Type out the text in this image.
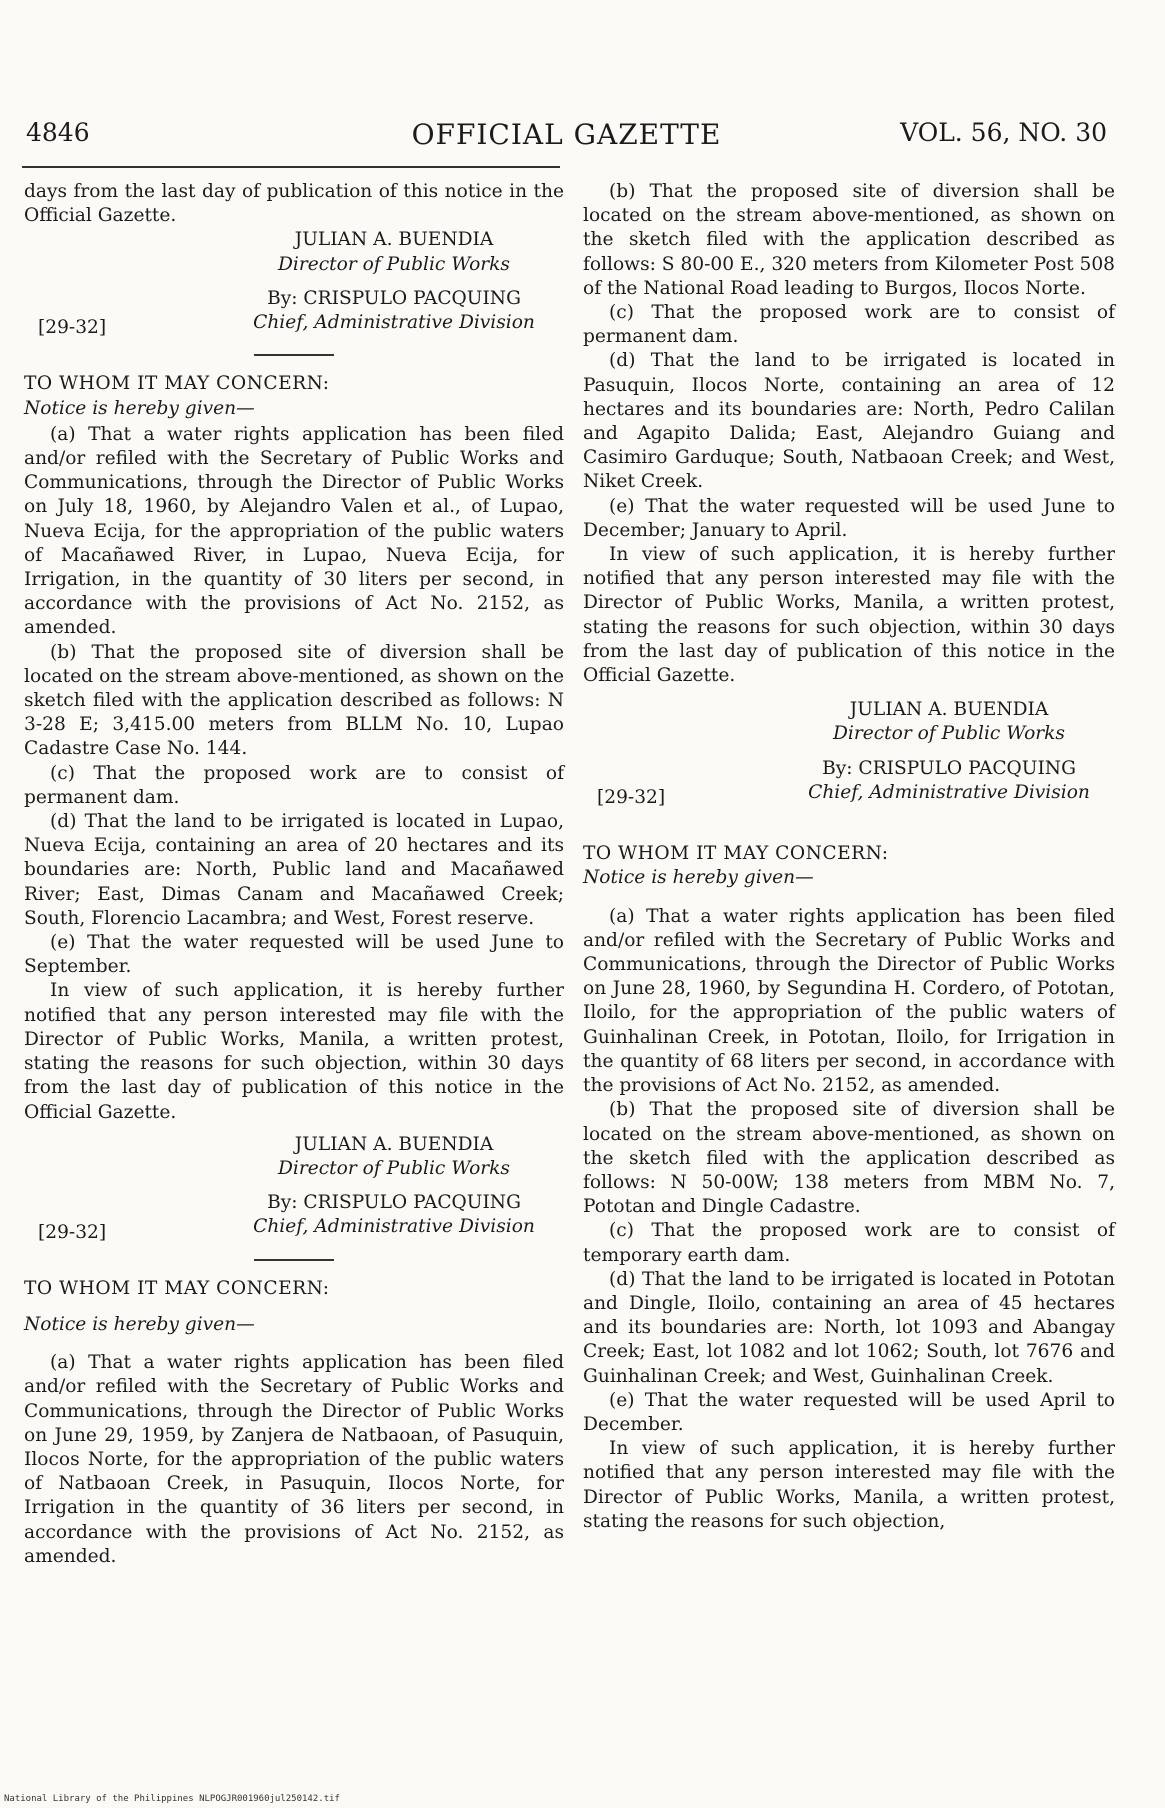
4846	OFFICIAL GAZETTE	VOL. 56, NO. 30

days from the last day of publication of this notice in the Official Gazette.

JULIAN A. BUENDIA
Director of Public Works
By: CRISPULO PACQUING
Chief, Administrative Division
[29-32]
TO WHOM IT MAY CONCERN:
Notice is hereby given—

(a) That a water rights application has been filed and/or refiled with the Secretary of Public Works and Communications, through the Director of Public Works on July 18, 1960, by Alejandro Valen et al., of Lupao, Nueva Ecija, for the appropriation of the public waters of Macañawed River, in Lupao, Nueva Ecija, for Irrigation, in the quantity of 30 liters per second, in accordance with the provisions of Act No. 2152, as amended.

(b) That the proposed site of diversion shall be located on the stream above-mentioned, as shown on the sketch filed with the application described as follows: N 3-28 E; 3,415.00 meters from BLLM No. 10, Lupao Cadastre Case No. 144.

(c) That the proposed work are to consist of permanent dam.

(d) That the land to be irrigated is located in Lupao, Nueva Ecija, containing an area of 20 hectares and its boundaries are: North, Public land and Macañawed River; East, Dimas Canam and Macañawed Creek; South, Florencio Lacambra; and West, Forest reserve.

(e) That the water requested will be used June to September.

In view of such application, it is hereby further notified that any person interested may file with the Director of Public Works, Manila, a written protest, stating the reasons for such objection, within 30 days from the last day of publication of this notice in the Official Gazette.

JULIAN A. BUENDIA
Director of Public Works
By: CRISPULO PACQUING
Chief, Administrative Division
[29-32]
TO WHOM IT MAY CONCERN:
Notice is hereby given—

(a) That a water rights application has been filed and/or refiled with the Secretary of Public Works and Communications, through the Director of Public Works on June 29, 1959, by Zanjera de Natbaoan, of Pasuquin, Ilocos Norte, for the appropriation of the public waters of Natbaoan Creek, in Pasuquin, Ilocos Norte, for Irrigation in the quantity of 36 liters per second, in accordance with the provisions of Act No. 2152, as amended.

(b) That the proposed site of diversion shall be located on the stream above-mentioned, as shown on the sketch filed with the application described as follows: S 80-00 E., 320 meters from Kilometer Post 508 of the National Road leading to Burgos, Ilocos Norte.

(c) That the proposed work are to consist of permanent dam.

(d) That the land to be irrigated is located in Pasuquin, Ilocos Norte, containing an area of 12 hectares and its boundaries are: North, Pedro Calilan and Agapito Dalida; East, Alejandro Guiang and Casimiro Garduque; South, Natbaoan Creek; and West, Niket Creek.

(e) That the water requested will be used June to December; January to April.

In view of such application, it is hereby further notified that any person interested may file with the Director of Public Works, Manila, a written protest, stating the reasons for such objection, within 30 days from the last day of publication of this notice in the Official Gazette.

JULIAN A. BUENDIA
Director of Public Works
By: CRISPULO PACQUING
Chief, Administrative Division
[29-32]
TO WHOM IT MAY CONCERN:
Notice is hereby given—

(a) That a water rights application has been filed and/or refiled with the Secretary of Public Works and Communications, through the Director of Public Works on June 28, 1960, by Segundina H. Cordero, of Pototan, Iloilo, for the appropriation of the public waters of Guinhalinan Creek, in Pototan, Iloilo, for Irrigation in the quantity of 68 liters per second, in accordance with the provisions of Act No. 2152, as amended.

(b) That the proposed site of diversion shall be located on the stream above-mentioned, as shown on the sketch filed with the application described as follows: N 50-00W; 138 meters from MBM No. 7, Pototan and Dingle Cadastre.

(c) That the proposed work are to consist of temporary earth dam.

(d) That the land to be irrigated is located in Pototan and Dingle, Iloilo, containing an area of 45 hectares and its boundaries are: North, lot 1093 and Abangay Creek; East, lot 1082 and lot 1062; South, lot 7676 and Guinhalinan Creek; and West, Guinhalinan Creek.

(e) That the water requested will be used April to December.

In view of such application, it is hereby further notified that any person interested may file with the Director of Public Works, Manila, a written protest, stating the reasons for such objection,

National Library of the Philippines NLPOGJR001960jul250142.tif
